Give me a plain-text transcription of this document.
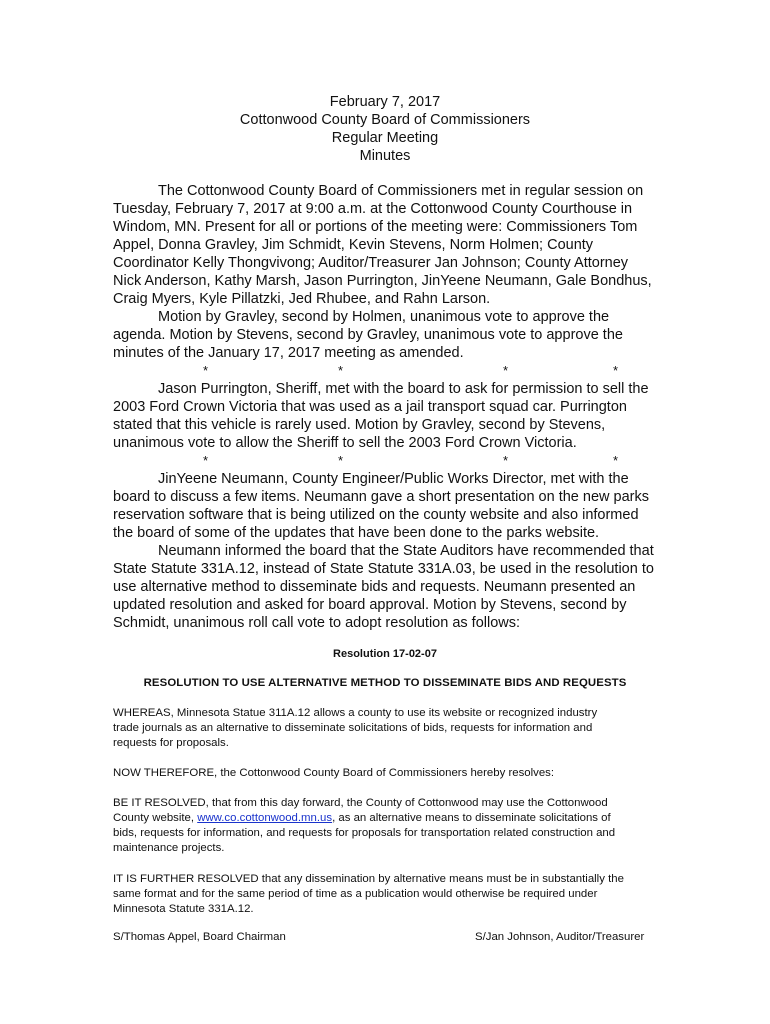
February 7, 2017
Cottonwood County Board of Commissioners
Regular Meeting
Minutes

The Cottonwood County Board of Commissioners met in regular session on
Tuesday, February 7, 2017 at 9:00 a.m. at the Cottonwood County Courthouse in
Windom, MN. Present for all or portions of the meeting were: Commissioners Tom
Appel, Donna Gravley, Jim Schmidt, Kevin Stevens, Norm Holmen; County
Coordinator Kelly Thongvivong; Auditor/Treasurer Jan Johnson; County Attorney
Nick Anderson, Kathy Marsh, Jason Purrington, JinYeene Neumann, Gale Bondhus,
Craig Myers, Kyle Pillatzki, Jed Rhubee, and Rahn Larson.

Motion by Gravley, second by Holmen, unanimous vote to approve the
agenda. Motion by Stevens, second by Gravley, unanimous vote to approve the
minutes of the January 17, 2017 meeting as amended.

*	*	*	*

Jason Purrington, Sheriff, met with the board to ask for permission to sell the
2003 Ford Crown Victoria that was used as a jail transport squad car. Purrington
stated that this vehicle is rarely used. Motion by Gravley, second by Stevens,
unanimous vote to allow the Sheriff to sell the 2003 Ford Crown Victoria.

*	*	*	*

JinYeene Neumann, County Engineer/Public Works Director, met with the
board to discuss a few items. Neumann gave a short presentation on the new parks
reservation software that is being utilized on the county website and also informed
the board of some of the updates that have been done to the parks website.

Neumann informed the board that the State Auditors have recommended that
State Statute 331A.12, instead of State Statute 331A.03, be used in the resolution to
use alternative method to disseminate bids and requests. Neumann presented an
updated resolution and asked for board approval. Motion by Stevens, second by
Schmidt, unanimous roll call vote to adopt resolution as follows:

Resolution 17-02-07
RESOLUTION TO USE ALTERNATIVE METHOD TO DISSEMINATE BIDS AND REQUESTS

WHEREAS, Minnesota Statue 311A.12 allows a county to use its website or recognized industry
trade journals as an alternative to disseminate solicitations of bids, requests for information and
requests for proposals.

NOW THEREFORE, the Cottonwood County Board of Commissioners hereby resolves:

BE IT RESOLVED, that from this day forward, the County of Cottonwood may use the Cottonwood
County website, www.co.cottonwood.mn.us, as an alternative means to disseminate solicitations of
bids, requests for information, and requests for proposals for transportation related construction and
maintenance projects.

IT IS FURTHER RESOLVED that any dissemination by alternative means must be in substantially the
same format and for the same period of time as a publication would otherwise be required under
Minnesota Statute 331A.12.

S/Thomas Appel, Board Chairman	S/Jan Johnson, Auditor/Treasurer
